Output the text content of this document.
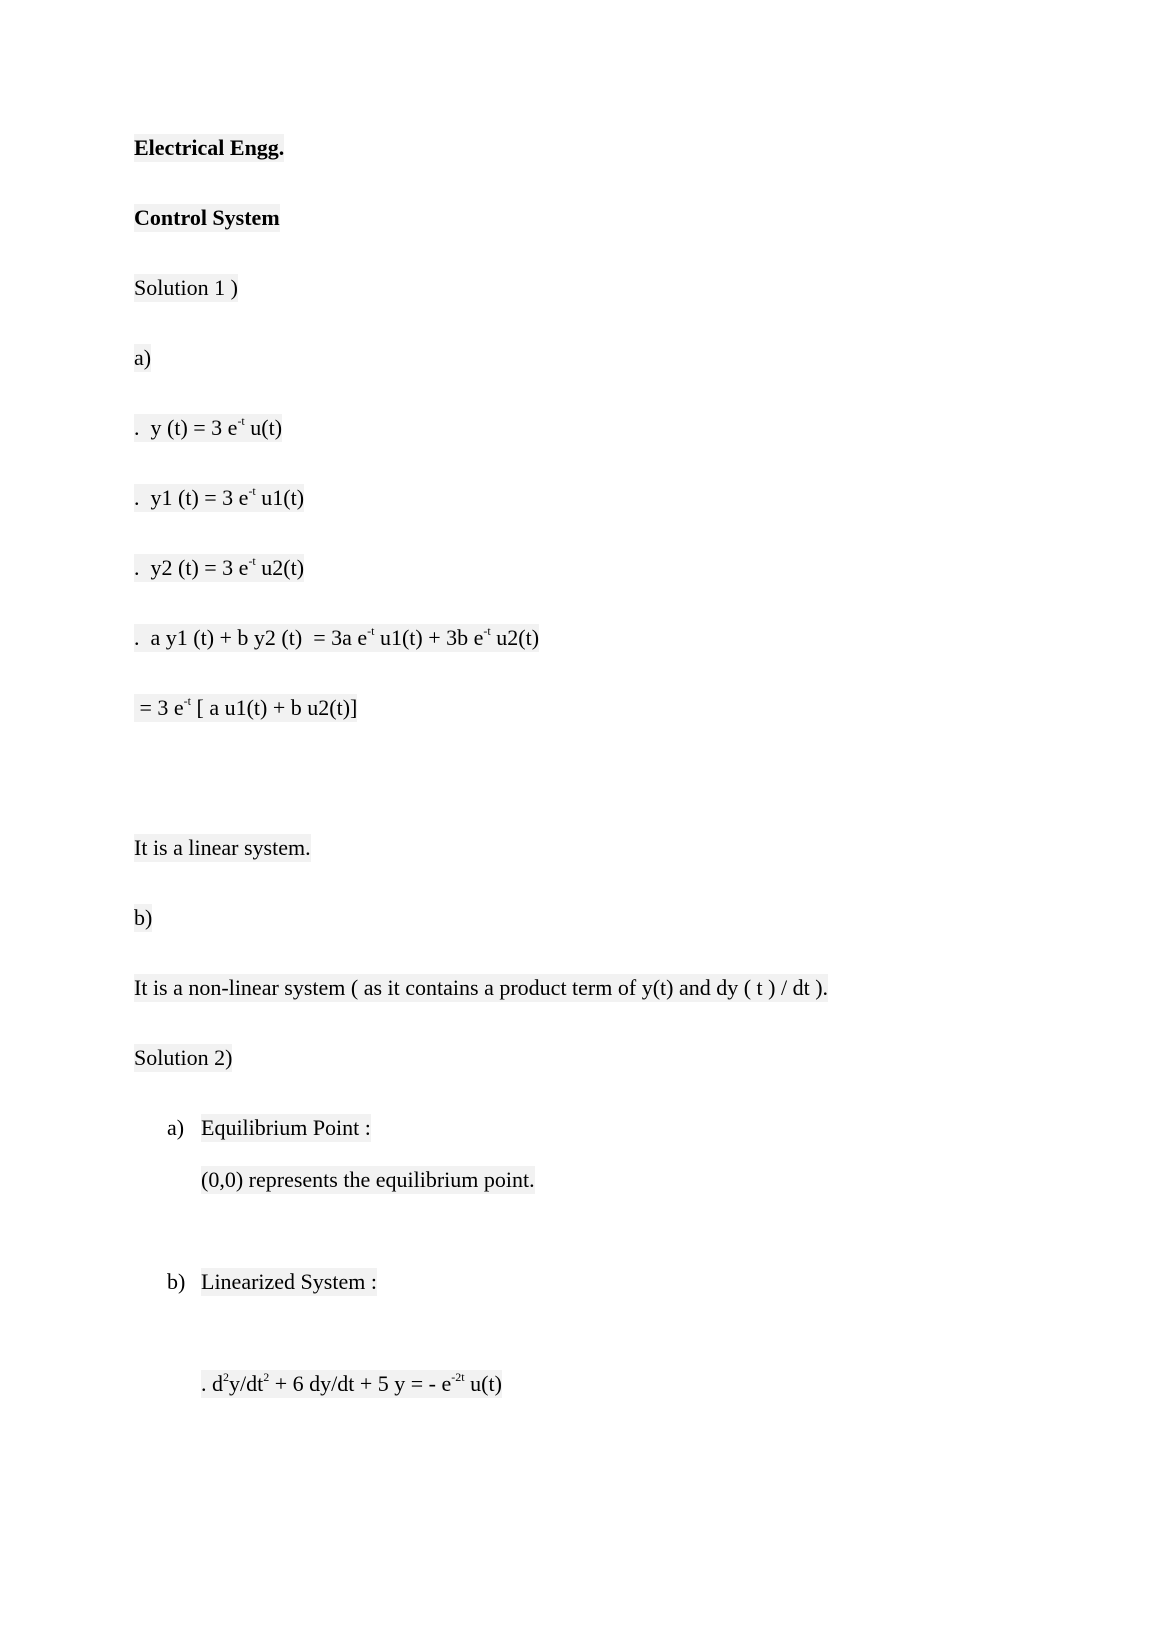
Electrical Engg.
Control System
Solution 1 )
a)
.  y (t) = 3 $e^{-t}$ u(t)
.  y1 (t) = 3 $e^{-t}$ u1(t)
.  y2 (t) = 3 $e^{-t}$ u2(t)
.  a y1 (t) + b y2 (t)  = 3a $e^{-t}$ u1(t) + 3b $e^{-t}$ u2(t)
= 3 $e^{-t}$ [ a u1(t) + b u2(t)]
It is a linear system.
b)
It is a non-linear system ( as it contains a product term of y(t) and dy ( t ) / dt ).
Solution 2)
a) Equilibrium Point :
(0,0) represents the equilibrium point.
b) Linearized System :
. $d^2y/dt^2 + 6$ dy/dt + 5 y = - $e^{-2t}$ u(t)
